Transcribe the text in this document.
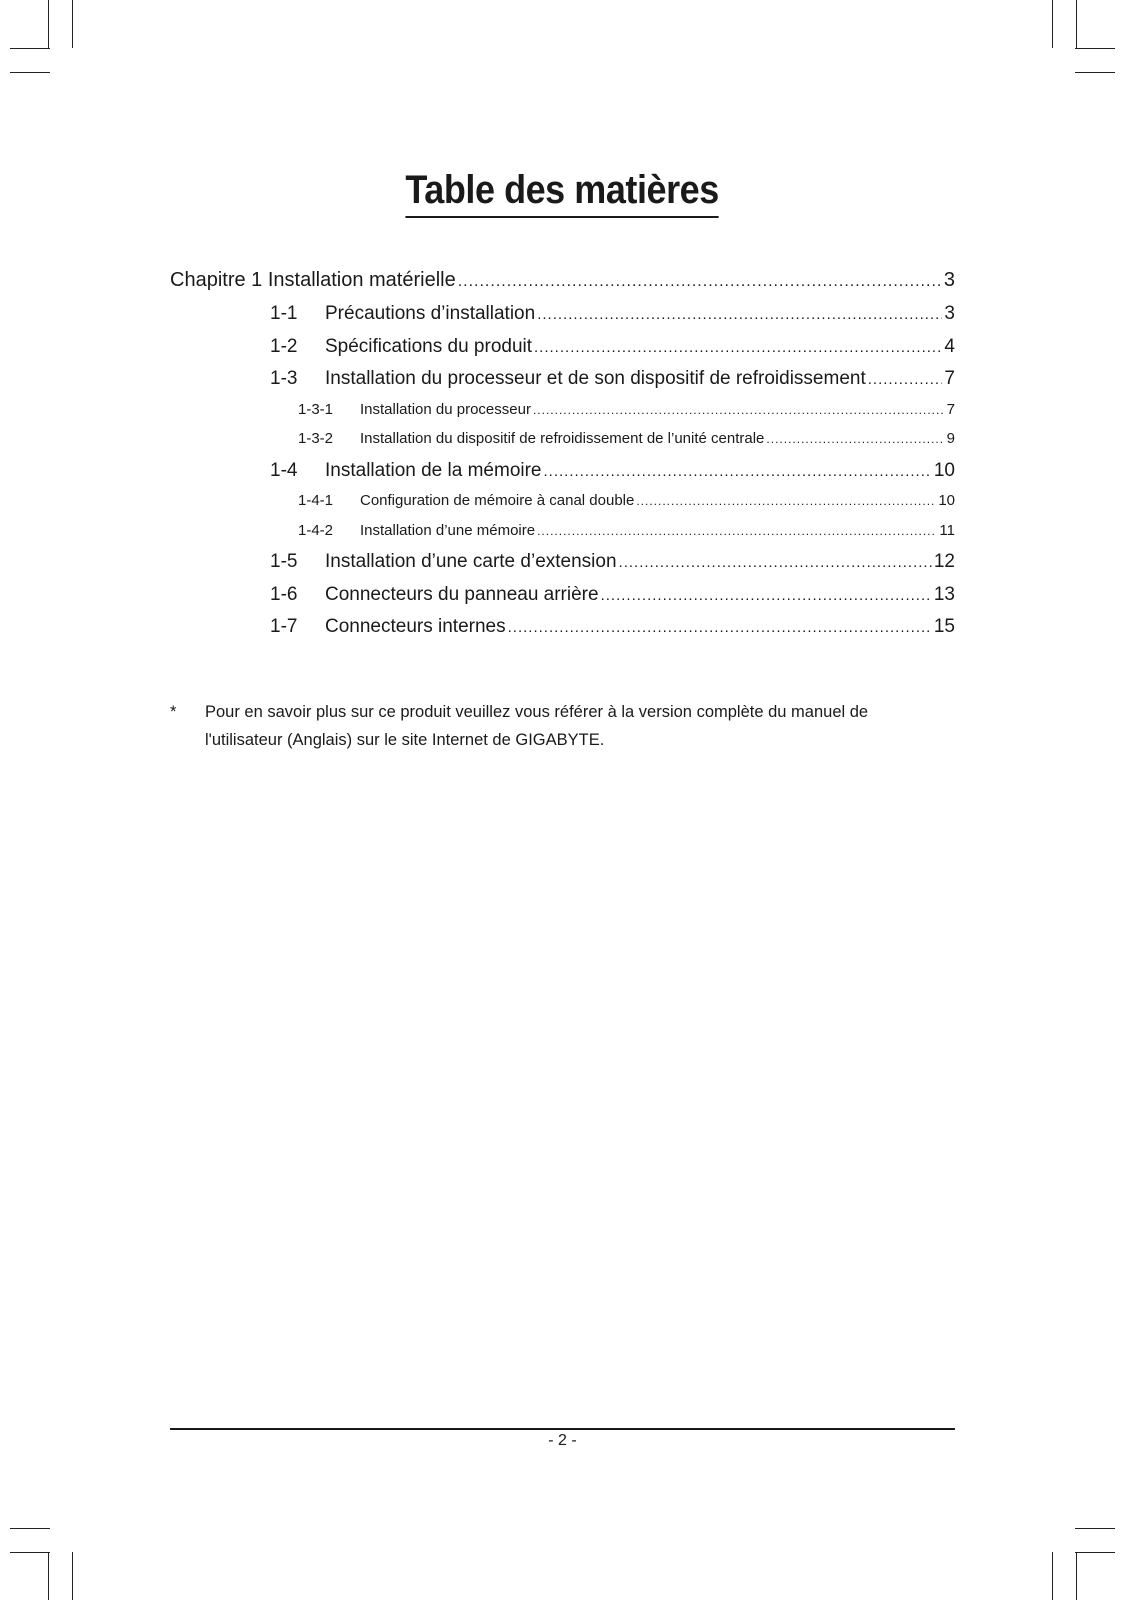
Table des matières
Chapitre 1 Installation matérielle .....	3
1-1	Précautions d’installation .....	3
1-2	Spécifications du produit .....	4
1-3	Installation du processeur et de son dispositif de refroidissement .....	7
1-3-1	Installation du processeur .....	7
1-3-2	Installation du dispositif de refroidissement de l’unité centrale .....	9
1-4	Installation de la mémoire .....	10
1-4-1	Configuration de mémoire à canal double .....	10
1-4-2	Installation d’une mémoire .....	11
1-5	Installation d’une carte d’extension .....	12
1-6	Connecteurs du panneau arrière .....	13
1-7	Connecteurs internes .....	15
*	Pour en savoir plus sur ce produit veuillez vous référer à la version complète du manuel de l'utilisateur (Anglais) sur le site Internet de GIGABYTE.
- 2 -
